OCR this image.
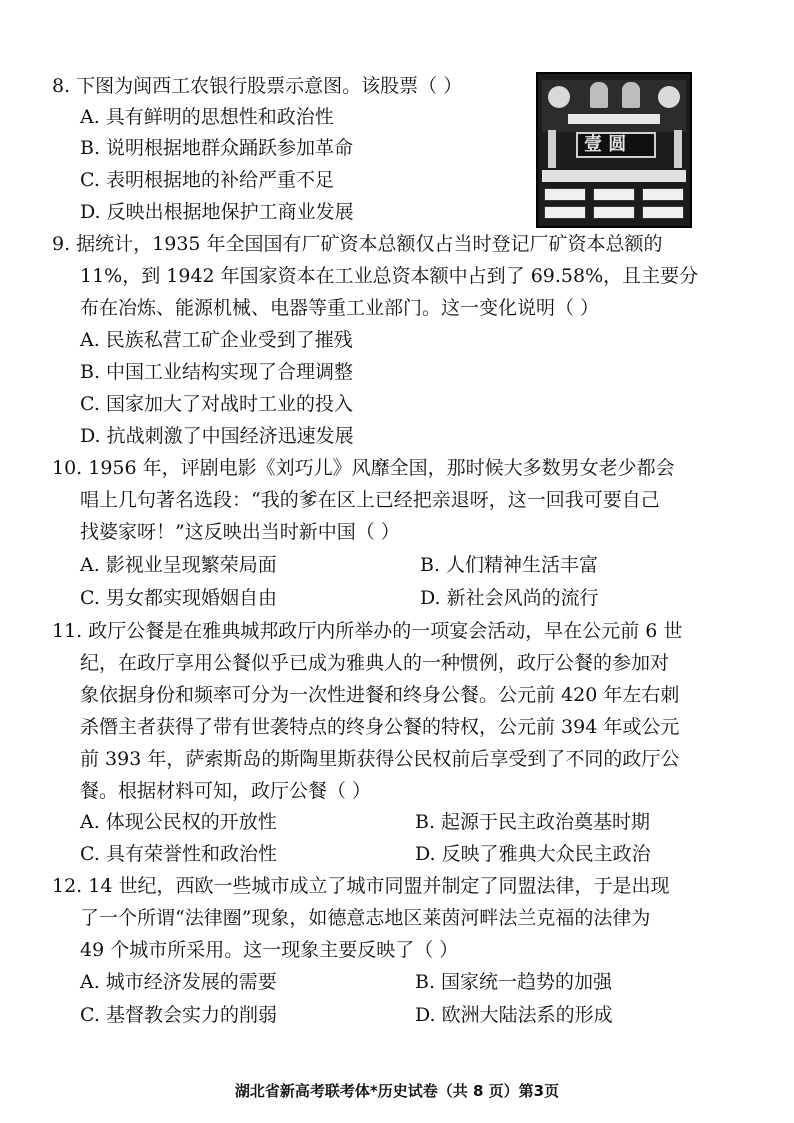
8. 下图为闽西工农银行股票示意图。该股票（ ）
A. 具有鲜明的思想性和政治性
B. 说明根据地群众踊跃参加革命
C. 表明根据地的补给严重不足
D. 反映出根据地保护工商业发展
壹 圆
9. 据统计，1935 年全国国有厂矿资本总额仅占当时登记厂矿资本总额的
11%，到 1942 年国家资本在工业总资本额中占到了 69.58%，且主要分
布在冶炼、能源机械、电器等重工业部门。这一变化说明（ ）
A. 民族私营工矿企业受到了摧残
B. 中国工业结构实现了合理调整
C. 国家加大了对战时工业的投入
D. 抗战刺激了中国经济迅速发展
10. 1956 年，评剧电影《刘巧儿》风靡全国，那时候大多数男女老少都会
唱上几句著名选段：“我的爹在区上已经把亲退呀，这一回我可要自己
找婆家呀！”这反映出当时新中国（ ）
A. 影视业呈现繁荣局面	B. 人们精神生活丰富
C. 男女都实现婚姻自由	D. 新社会风尚的流行
11. 政厅公餐是在雅典城邦政厅内所举办的一项宴会活动，早在公元前 6 世
纪，在政厅享用公餐似乎已成为雅典人的一种惯例，政厅公餐的参加对
象依据身份和频率可分为一次性进餐和终身公餐。公元前 420 年左右刺
杀僭主者获得了带有世袭特点的终身公餐的特权，公元前 394 年或公元
前 393 年，萨索斯岛的斯陶里斯获得公民权前后享受到了不同的政厅公
餐。根据材料可知，政厅公餐（ ）
A. 体现公民权的开放性	B. 起源于民主政治奠基时期
C. 具有荣誉性和政治性	D. 反映了雅典大众民主政治
12. 14 世纪，西欧一些城市成立了城市同盟并制定了同盟法律，于是出现
了一个所谓“法律圈”现象，如德意志地区莱茵河畔法兰克福的法律为
49 个城市所采用。这一现象主要反映了（ ）
A. 城市经济发展的需要	B. 国家统一趋势的加强
C. 基督教会实力的削弱	D. 欧洲大陆法系的形成
湖北省新高考联考体*历史试卷（共 8 页）第3页
